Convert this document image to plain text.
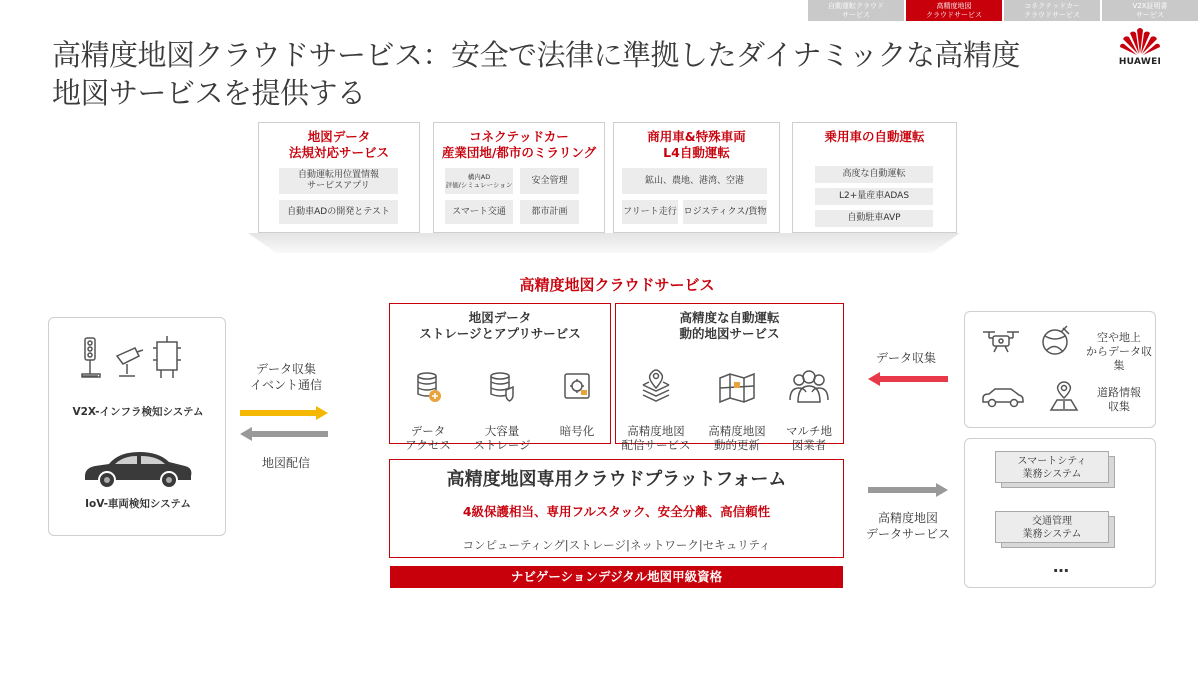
自動運転クラウド
サービス
高精度地図
クラウドサービス
コネクテッドカー
クラウドサービス
V2X証明書
サービス
高精度地図クラウドサービス：安全で法律に準拠したダイナミックな高精度
地図サービスを提供する
HUAWEI
地図データ
法規対応サービス
自動運転用位置情報
サービスアプリ
自動車ADの開発とテスト
コネクテッドカー
産業団地/都市のミラリング
構内AD
評価/シミュレーション	安全管理
スマート交通	都市計画
商用車&特殊車両
L4自動運転
鉱山、農地、港湾、空港
フリート走行 ロジスティクス/貨物
乗用車の自動運転
高度な自動運転
L2+量産車ADAS
自動駐車AVP
高精度地図クラウドサービス
地図データ
ストレージとアプリサービス

データ
アクセス

大容量
ストレージ

暗号化

高精度な自動運転
動的地図サービス

高精度地図
配信サービス

高精度地図
動的更新

マルチ地
図業者

高精度地図専用クラウドプラットフォーム
4級保護相当、専用フルスタック、安全分離、高信頼性
コンピューティング|ストレージ|ネットワーク|セキュリティ
ナビゲーションデジタル地図甲級資格
V2X-インフラ検知システム
IoV-車両検知システム
データ収集
イベント通信
地図配信
データ収集
高精度地図
データサービス
空や地上
からデータ収集
道路情報
収集
スマートシティ
業務システム
交通管理
業務システム
…
